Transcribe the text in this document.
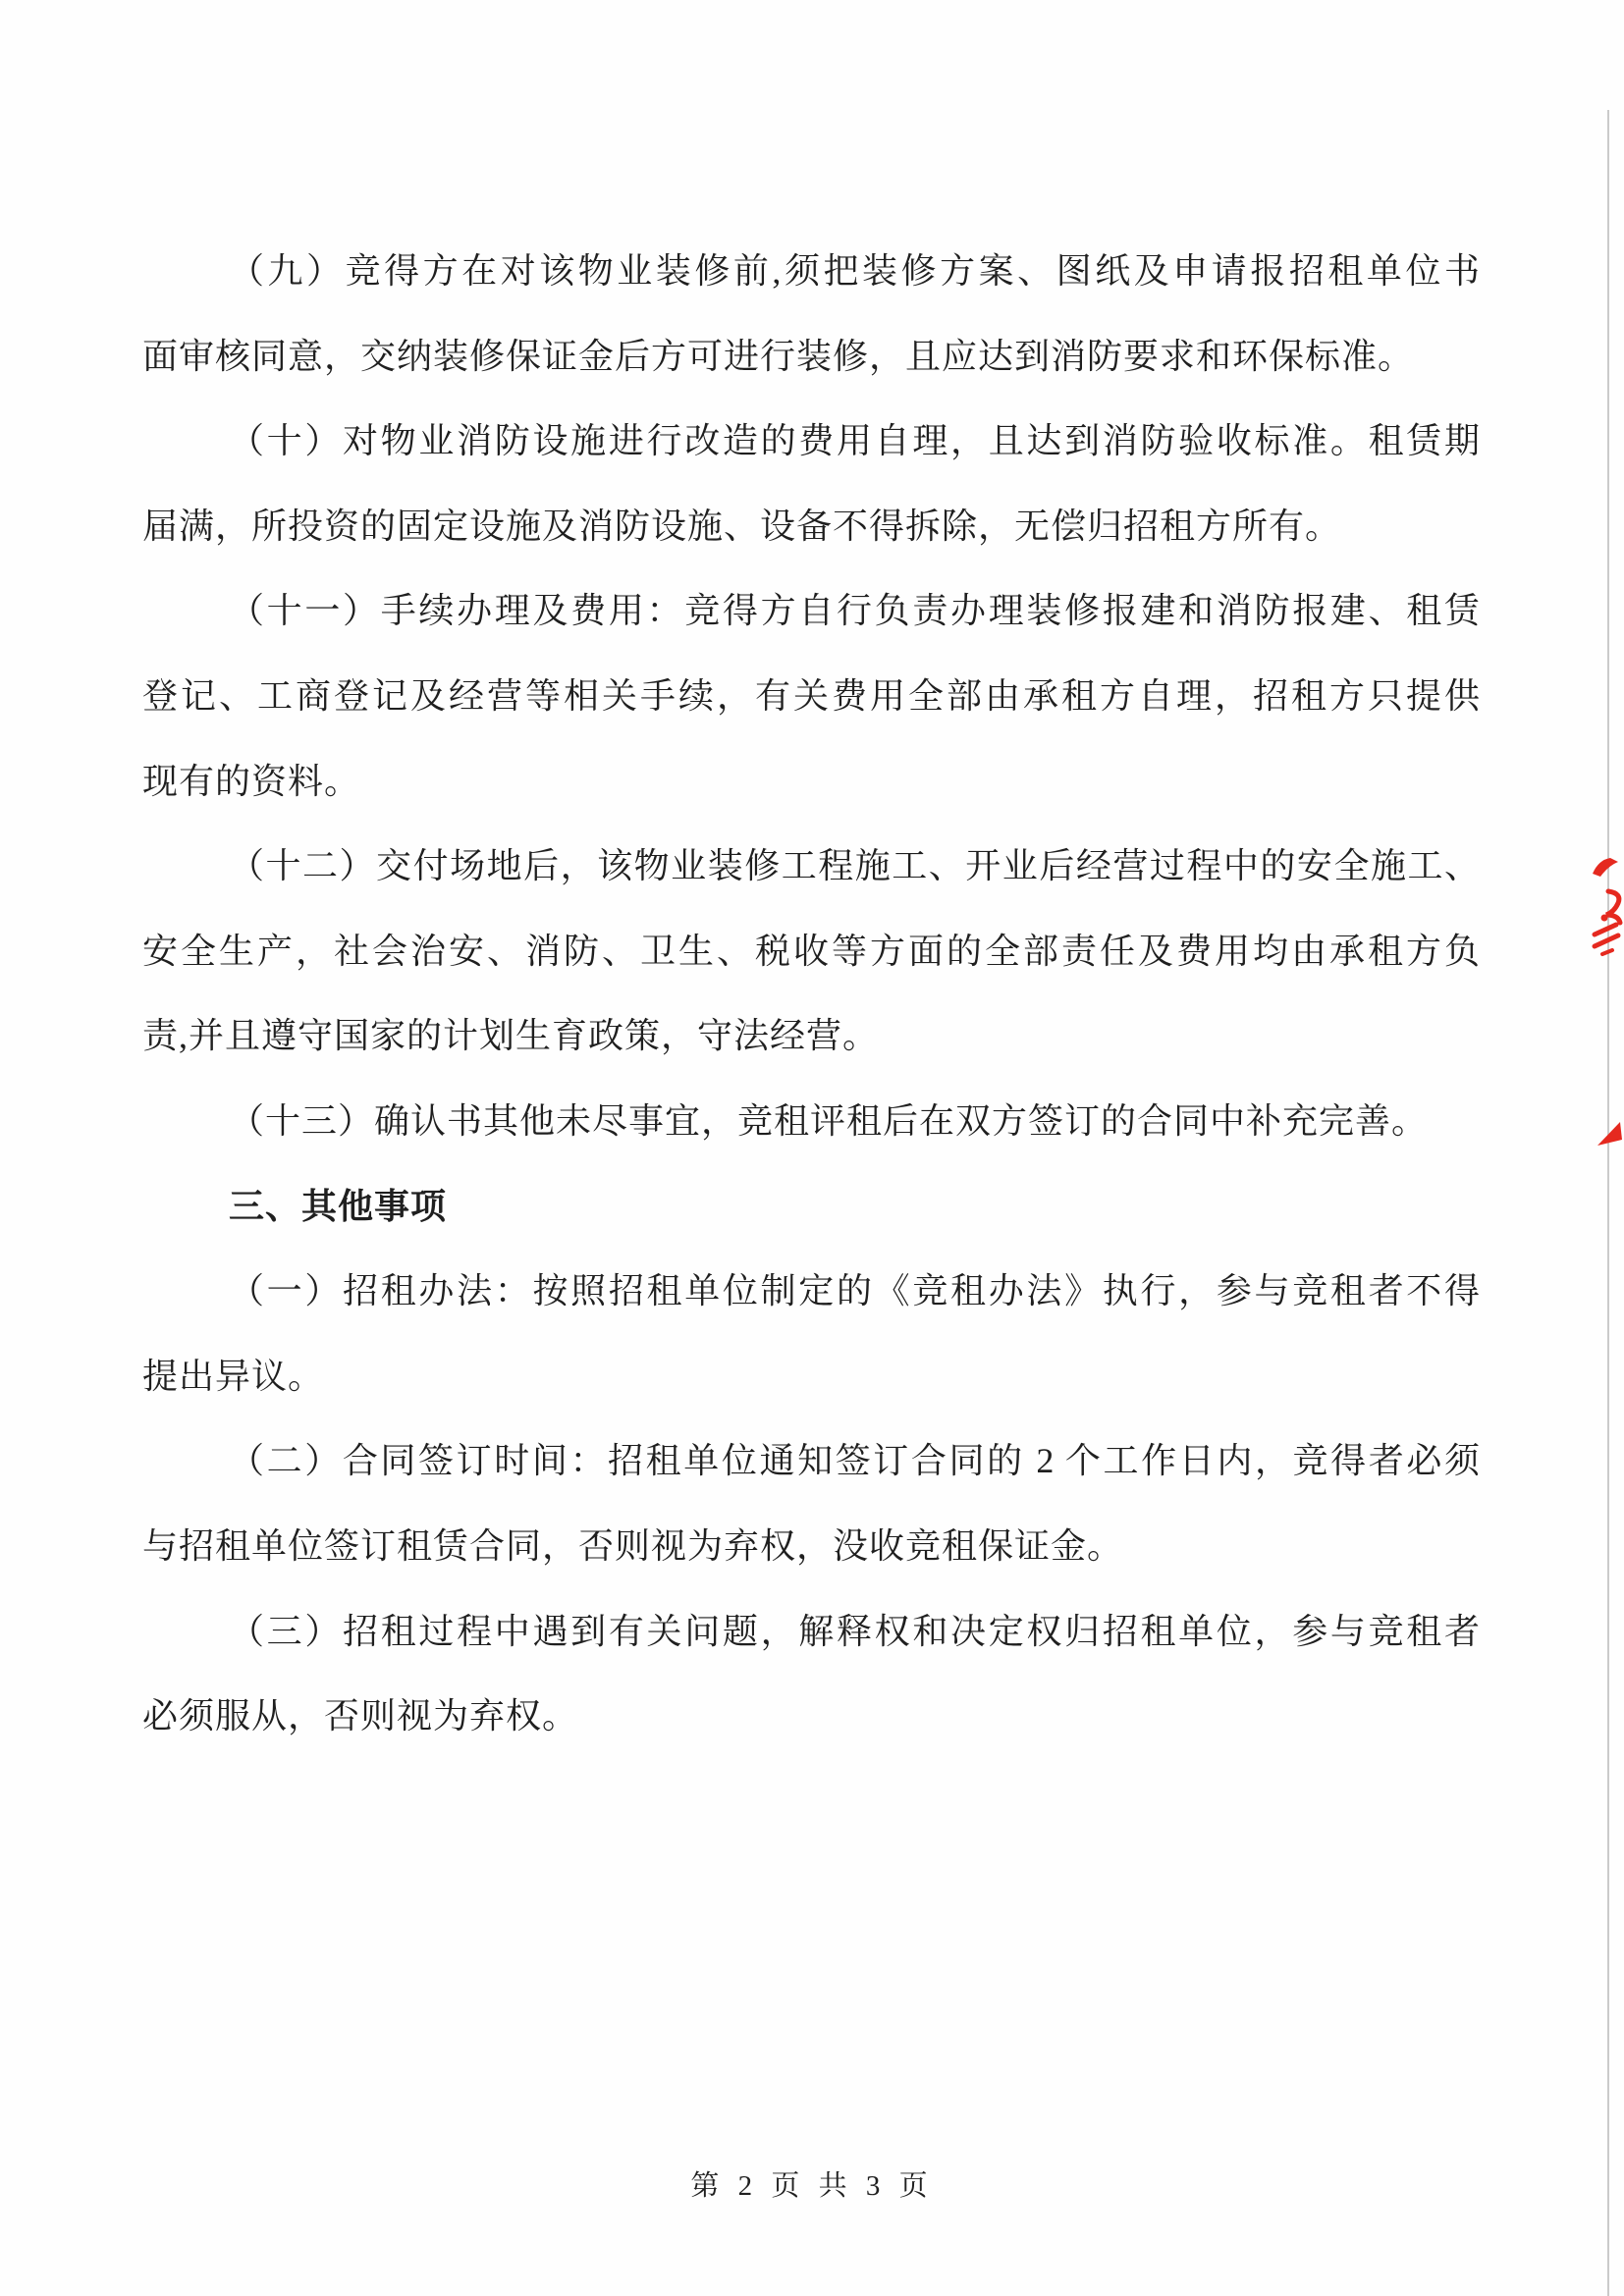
（九）竞得方在对该物业装修前,须把装修方案、图纸及申请报招租单位书
面审核同意，交纳装修保证金后方可进行装修，且应达到消防要求和环保标准。
（十）对物业消防设施进行改造的费用自理，且达到消防验收标准。租赁期
届满，所投资的固定设施及消防设施、设备不得拆除，无偿归招租方所有。
（十一）手续办理及费用：竞得方自行负责办理装修报建和消防报建、租赁
登记、工商登记及经营等相关手续，有关费用全部由承租方自理，招租方只提供
现有的资料。
（十二）交付场地后，该物业装修工程施工、开业后经营过程中的安全施工、
安全生产，社会治安、消防、卫生、税收等方面的全部责任及费用均由承租方负
责,并且遵守国家的计划生育政策，守法经营。
（十三）确认书其他未尽事宜，竞租评租后在双方签订的合同中补充完善。
三、其他事项
（一）招租办法：按照招租单位制定的《竞租办法》执行，参与竞租者不得
提出异议。
（二）合同签订时间：招租单位通知签订合同的 2 个工作日内，竞得者必须
与招租单位签订租赁合同，否则视为弃权，没收竞租保证金。
（三）招租过程中遇到有关问题，解释权和决定权归招租单位，参与竞租者
必须服从，否则视为弃权。
第 2 页 共 3 页
